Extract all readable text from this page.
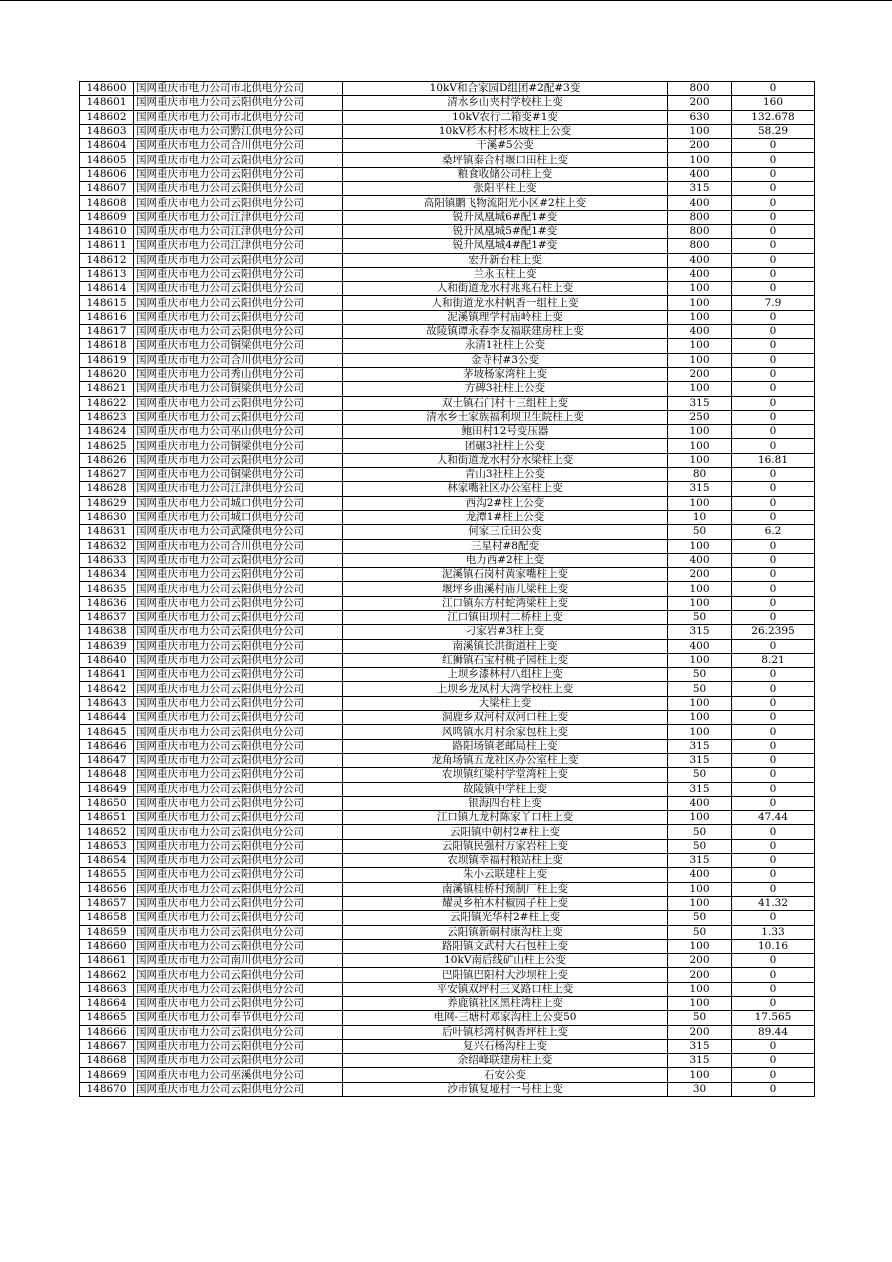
148600	国网重庆市电力公司市北供电分公司	10kV和合家园D组团#2配#3变	800	0
148601	国网重庆市电力公司云阳供电分公司	清水乡山夹村学校柱上变	200	160
148602	国网重庆市电力公司市北供电分公司	10kV农行二箱变#1变	630	132.678
148603	国网重庆市电力公司黔江供电分公司	10kV杉木村杉木坡柱上公变	100	58.29
148604	国网重庆市电力公司合川供电分公司	干溪#5公变	200	0
148605	国网重庆市电力公司云阳供电分公司	桑坪镇泰合村堰口田柱上变	100	0
148606	国网重庆市电力公司云阳供电分公司	粮食收储公司柱上变	400	0
148607	国网重庆市电力公司云阳供电分公司	张阳平柱上变	315	0
148608	国网重庆市电力公司云阳供电分公司	高阳镇鹏飞物流阳光小区#2柱上变	400	0
148609	国网重庆市电力公司江津供电分公司	锐升凤凰城6#配1#变	800	0
148610	国网重庆市电力公司江津供电分公司	锐升凤凰城5#配1#变	800	0
148611	国网重庆市电力公司江津供电分公司	锐升凤凰城4#配1#变	800	0
148612	国网重庆市电力公司云阳供电分公司	宏升新台柱上变	400	0
148613	国网重庆市电力公司云阳供电分公司	兰永玉柱上变	400	0
148614	国网重庆市电力公司云阳供电分公司	人和街道龙水村兆兆石柱上变	100	0
148615	国网重庆市电力公司云阳供电分公司	人和街道龙水村帆香一组柱上变	100	7.9
148616	国网重庆市电力公司云阳供电分公司	泥溪镇理学村庙岭柱上变	100	0
148617	国网重庆市电力公司云阳供电分公司	故陵镇谭永春李友福联建房柱上变	400	0
148618	国网重庆市电力公司铜梁供电分公司	永清1社柱上公变	100	0
148619	国网重庆市电力公司合川供电分公司	金寺村#3公变	100	0
148620	国网重庆市电力公司秀山供电分公司	茅坡杨家湾柱上变	200	0
148621	国网重庆市电力公司铜梁供电分公司	方碑3社柱上公变	100	0
148622	国网重庆市电力公司云阳供电分公司	双土镇石门村十三组柱上变	315	0
148623	国网重庆市电力公司云阳供电分公司	清水乡土家族福利坝卫生院柱上变	250	0
148624	国网重庆市电力公司巫山供电分公司	鲍田村12号变压器	100	0
148625	国网重庆市电力公司铜梁供电分公司	团碾3社柱上公变	100	0
148626	国网重庆市电力公司云阳供电分公司	人和街道龙水村分水梁柱上变	100	16.81
148627	国网重庆市电力公司铜梁供电分公司	青山3社柱上公变	80	0
148628	国网重庆市电力公司江津供电分公司	林家嘴社区办公室柱上变	315	0
148629	国网重庆市电力公司城口供电分公司	西沟2#柱上公变	100	0
148630	国网重庆市电力公司城口供电分公司	龙潭1#柱上公变	10	0
148631	国网重庆市电力公司武隆供电分公司	何家三丘田公变	50	6.2
148632	国网重庆市电力公司合川供电分公司	三星村#8配变	100	0
148633	国网重庆市电力公司云阳供电分公司	电力西#2柱上变	400	0
148634	国网重庆市电力公司云阳供电分公司	泥溪镇石岗村黄家嘴柱上变	200	0
148635	国网重庆市电力公司云阳供电分公司	堰坪乡曲溪村庙儿梁柱上变	100	0
148636	国网重庆市电力公司云阳供电分公司	江口镇东方村蛇湾梁柱上变	100	0
148637	国网重庆市电力公司云阳供电分公司	江口镇田坝村二桥柱上变	50	0
148638	国网重庆市电力公司云阳供电分公司	刁家岩#3柱上变	315	26.2395
148639	国网重庆市电力公司云阳供电分公司	南溪镇长洪街道柱上变	400	0
148640	国网重庆市电力公司云阳供电分公司	红狮镇石宝村桃子园柱上变	100	8.21
148641	国网重庆市电力公司云阳供电分公司	上坝乡漆林村八组柱上变	50	0
148642	国网重庆市电力公司云阳供电分公司	上坝乡龙凤村大湾学校柱上变	50	0
148643	国网重庆市电力公司云阳供电分公司	大梁柱上变	100	0
148644	国网重庆市电力公司云阳供电分公司	洞鹿乡双河村双河口柱上变	100	0
148645	国网重庆市电力公司云阳供电分公司	风鸣镇水月村余家包柱上变	100	0
148646	国网重庆市电力公司云阳供电分公司	路阳场镇老邮局柱上变	315	0
148647	国网重庆市电力公司云阳供电分公司	龙角场镇五龙社区办公室柱上变	315	0
148648	国网重庆市电力公司云阳供电分公司	农坝镇红梁村学堂湾柱上变	50	0
148649	国网重庆市电力公司云阳供电分公司	故陵镇中学柱上变	315	0
148650	国网重庆市电力公司云阳供电分公司	银海四台柱上变	400	0
148651	国网重庆市电力公司云阳供电分公司	江口镇九龙村陈家丫口柱上变	100	47.44
148652	国网重庆市电力公司云阳供电分公司	云阳镇中朝村2#柱上变	50	0
148653	国网重庆市电力公司云阳供电分公司	云阳镇民强村万家岩柱上变	50	0
148654	国网重庆市电力公司云阳供电分公司	农坝镇幸福村粮站柱上变	315	0
148655	国网重庆市电力公司云阳供电分公司	朱小云联建柱上变	400	0
148656	国网重庆市电力公司云阳供电分公司	南溪镇桂桥村预制厂柱上变	100	0
148657	国网重庆市电力公司云阳供电分公司	耀灵乡柏木村椒园子柱上变	100	41.32
148658	国网重庆市电力公司云阳供电分公司	云阳镇光华村2#柱上变	50	0
148659	国网重庆市电力公司云阳供电分公司	云阳镇新硐村康沟柱上变	50	1.33
148660	国网重庆市电力公司云阳供电分公司	路阳镇文武村大石包柱上变	100	10.16
148661	国网重庆市电力公司南川供电分公司	10kV南后线矿山柱上公变	200	0
148662	国网重庆市电力公司云阳供电分公司	巴阳镇巴阳村大沙坝柱上变	200	0
148663	国网重庆市电力公司云阳供电分公司	平安镇双坪村三叉路口柱上变	100	0
148664	国网重庆市电力公司云阳供电分公司	养鹿镇社区黑柱湾柱上变	100	0
148665	国网重庆市电力公司奉节供电分公司	电网-三塘村邓家沟柱上公变50	50	17.565
148666	国网重庆市电力公司云阳供电分公司	后叶镇杉湾村枫香坪柱上变	200	89.44
148667	国网重庆市电力公司云阳供电分公司	复兴石杨沟柱上变	315	0
148668	国网重庆市电力公司云阳供电分公司	余绍峰联建房柱上变	315	0
148669	国网重庆市电力公司巫溪供电分公司	石安公变	100	0
148670	国网重庆市电力公司云阳供电分公司	沙市镇复垭村一号柱上变	30	0
